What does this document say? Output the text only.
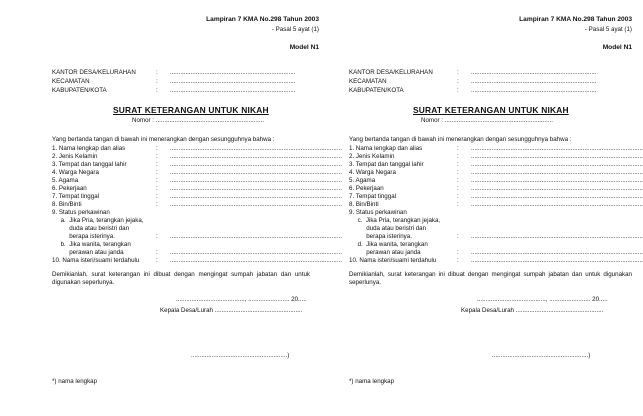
Lampiran 7 KMA No.298 Tahun 2003
- Pasal 5 ayat (1)
Model N1
KANTOR DESA/KELURAHAN	: .........................................................................
KECAMATAN	: .........................................................................
KABUPATEN/KOTA	: .........................................................................
SURAT KETERANGAN UNTUK NIKAH
Nomor : ...............................................................
Yang bertanda tangan di bawah ini menerangkan dengan sesungguhnya bahwa :
1. Nama lengkap dan alias	: ....................................................................................................
2. Jenis Kelamin	: ....................................................................................................
3. Tempat dan tanggal lahir	: ....................................................................................................
4. Warga Negara	: ....................................................................................................
5. Agama	: ....................................................................................................
6. Pekerjaan	: ....................................................................................................
7. Tempat tinggal	: ....................................................................................................
8. Bin/Binti	: ....................................................................................................
9. Status perkawinan
a.  Jika Pria, terangkan jejaka,
duda atau beristri dan
berapa isterinya.	: ....................................................................................................
b.  Jika wanita, terangkan
perawan atau janda	: ....................................................................................................
10. Nama isteri/suami terdahulu	: ....................................................................................................
Demikianlah, surat keterangan ini dibuat dengan mengingat sumpah jabatan dan untuk digunakan seperlunya.
........................................, ........................ 20.....
Kepala Desa/Lurah ...................................................
........................................................)
*) nama lengkap
Lampiran 7 KMA No.298 Tahun 2003
- Pasal 5 ayat (1)
Model N1
KANTOR DESA/KELURAHAN	: .........................................................................
KECAMATAN	: .........................................................................
KABUPATEN/KOTA	: .........................................................................
SURAT KETERANGAN UNTUK NIKAH
Nomor : ...............................................................
Yang bertanda tangan di bawah ini menerangkan dengan sesungguhnya bahwa :
1. Nama lengkap dan alias	: ....................................................................................................
2. Jenis Kelamin	: ....................................................................................................
3. Tempat dan tanggal lahir	: ....................................................................................................
4. Warga Negara	: ....................................................................................................
5. Agama	: ....................................................................................................
6. Pekerjaan	: ....................................................................................................
7. Tempat tinggal	: ....................................................................................................
8. Bin/Binti	: ....................................................................................................
9. Status perkawinan
c.  Jika Pria, terangkan jejaka,
duda atau beristri dan
berapa isterinya.	: ....................................................................................................
d.  Jika wanita, terangkan
perawan atau janda	: ....................................................................................................
10. Nama isteri/suami terdahulu	: ....................................................................................................
Demikianlah, surat keterangan ini dibuat dengan mengingat sumpah jabatan dan untuk digunakan seperlunya.
........................................, ........................ 20.....
Kepala Desa/Lurah ...................................................
........................................................)
*) nama lengkap
